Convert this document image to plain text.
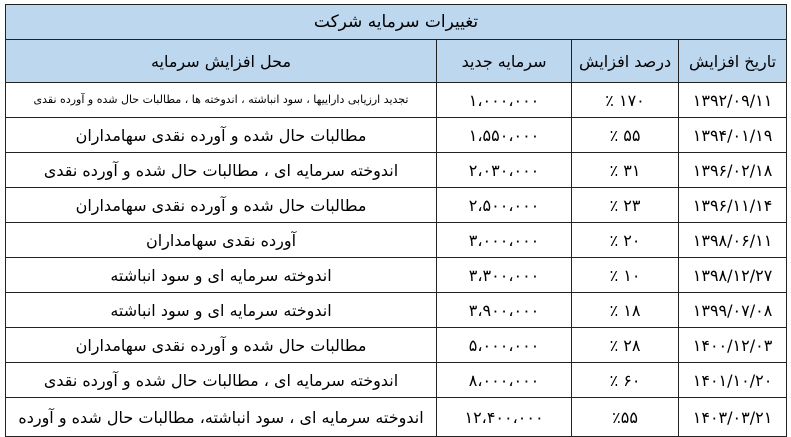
تغییرات سرمایه شرکت			
تاریخ افزایش	درصد افزایش	سرمایه جدید	محل افزایش سرمایه
۱۳۹۲/۰۹/۱۱	۱۷۰ ٪	۱،۰۰۰،۰۰۰	تجدید ارزیابی داراییها ، سود انباشته ، اندوخته ها ، مطالبات حال شده و آورده نقدی
۱۳۹۴/۰۱/۱۹	۵۵ ٪	۱،۵۵۰،۰۰۰	مطالبات حال شده و آورده نقدی سهامداران
۱۳۹۶/۰۲/۱۸	۳۱ ٪	۲،۰۳۰،۰۰۰	اندوخته سرمایه ای ، مطالبات حال شده و آورده نقدی
۱۳۹۶/۱۱/۱۴	۲۳ ٪	۲،۵۰۰،۰۰۰	مطالبات حال شده و آورده نقدی سهامداران
۱۳۹۸/۰۶/۱۱	۲۰ ٪	۳،۰۰۰،۰۰۰	آورده نقدی سهامداران
۱۳۹۸/۱۲/۲۷	۱۰ ٪	۳،۳۰۰،۰۰۰	اندوخته سرمایه ای و سود انباشته
۱۳۹۹/۰۷/۰۸	۱۸ ٪	۳،۹۰۰،۰۰۰	اندوخته سرمایه ای و سود انباشته
۱۴۰۰/۱۲/۰۳	۲۸ ٪	۵،۰۰۰،۰۰۰	مطالبات حال شده و آورده نقدی سهامداران
۱۴۰۱/۱۰/۲۰	۶۰ ٪	۸،۰۰۰،۰۰۰	اندوخته سرمایه ای ، مطالبات حال شده و آورده نقدی
۱۴۰۳/۰۳/۲۱	٪۵۵	۱۲،۴۰۰،۰۰۰	اندوخته سرمایه ای ، سود انباشته، مطالبات حال شده و آورده
